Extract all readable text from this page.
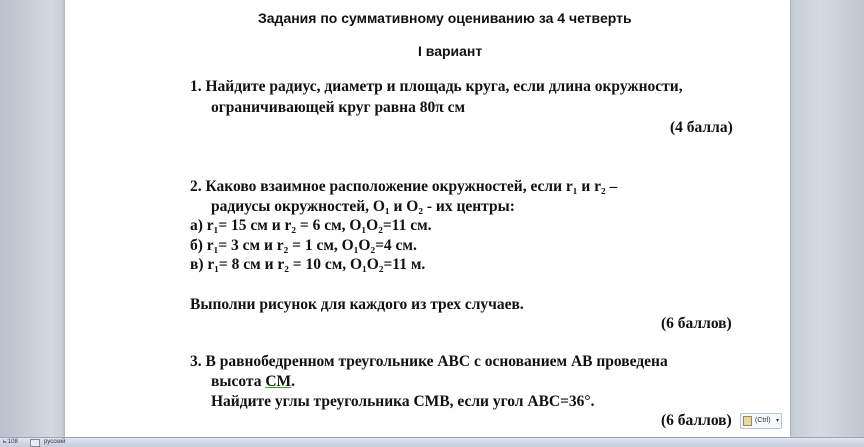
Задания по суммативному оцениванию за 4 четверть
I вариант
1. Найдите радиус, диаметр и площадь круга, если длина окружности,
ограничивающей круг равна 80π см
(4 балла)
2. Каково взаимное расположение окружностей, если r₁ и r₂ –
радиусы окружностей, O₁ и O₂ - их центры:
а) r₁= 15 см и r₂ = 6 см, O₁O₂=11 см.
б) r₁= 3 см и r₂ = 1 см, O₁O₂=4 см.
в) r₁= 8 см и r₂ = 10 см, O₁O₂=11 м.
Выполни рисунок для каждого из трех случаев.
(6 баллов)
3. В равнобедренном треугольнике ABC с основанием AB проведена
высота CM.
Найдите углы треугольника CMB, если угол ABC=36°.
(6 баллов)	(Ctrl) ▾
ь:108	русский
